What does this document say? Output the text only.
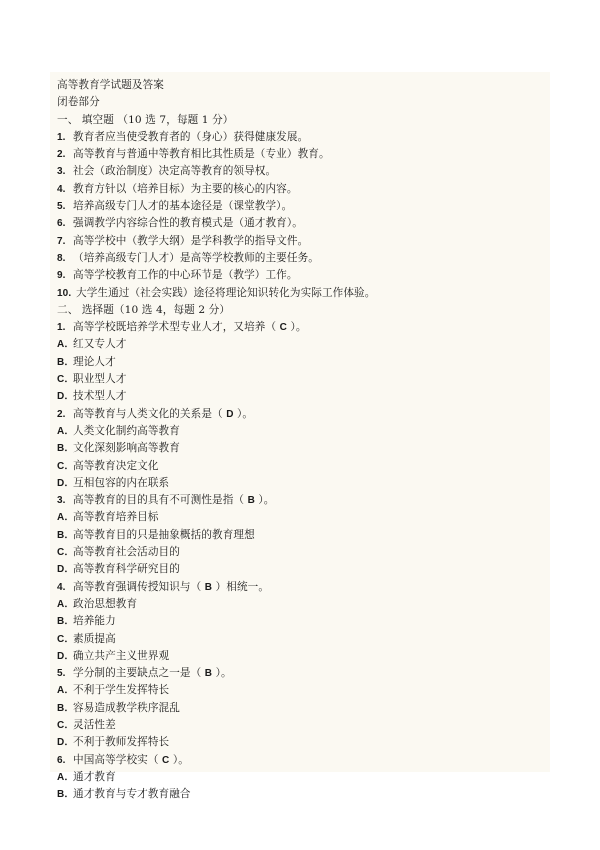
高等教育学试题及答案
闭卷部分
一、 填空题 （10 选 7，每题 1 分）
1. 教育者应当使受教育者的（身心）获得健康发展。
2. 高等教育与普通中等教育相比其性质是（专业）教育。
3. 社会（政治制度）决定高等教育的领导权。
4. 教育方针以（培养目标）为主要的核心的内容。
5. 培养高级专门人才的基本途径是（课堂教学）。
6. 强调教学内容综合性的教育模式是（通才教育）。
7. 高等学校中（教学大纲）是学科教学的指导文件。
8. （培养高级专门人才）是高等学校教师的主要任务。
9. 高等学校教育工作的中心环节是（教学）工作。
10. 大学生通过（社会实践）途径将理论知识转化为实际工作体验。
二、 选择题（10 选 4，每题 2 分）
1. 高等学校既培养学术型专业人才，又培养（ C ）。
A．红又专人才
B．理论人才
C．职业型人才
D．技术型人才
2. 高等教育与人类文化的关系是（ D ）。
A．人类文化制约高等教育
B．文化深刻影响高等教育
C．高等教育决定文化
D．互相包容的内在联系
3. 高等教育的目的具有不可测性是指（ B ）。
A．高等教育培养目标
B．高等教育目的只是抽象概括的教育理想
C．高等教育社会活动目的
D．高等教育科学研究目的
4. 高等教育强调传授知识与（ B ）相统一。
A．政治思想教育
B．培养能力
C．素质提高
D．确立共产主义世界观
5. 学分制的主要缺点之一是（ B ）。
A．不利于学生发挥特长
B．容易造成教学秩序混乱
C．灵活性差
D．不利于教师发挥特长
6. 中国高等学校实（ C ）。
A．通才教育
B．通才教育与专才教育融合
